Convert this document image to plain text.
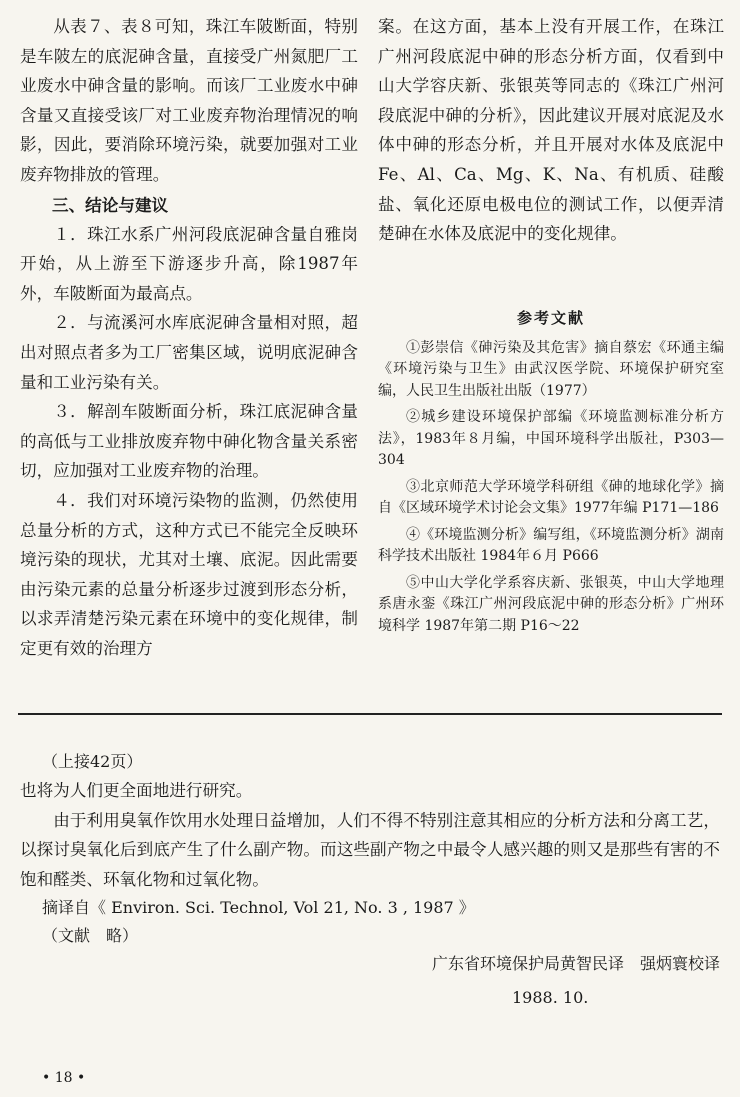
从表７、表８可知，珠江车陂断面，特别是车陂左的底泥砷含量，直接受广州氮肥厂工业废水中砷含量的影响。而该厂工业废水中砷含量又直接受该厂对工业废弃物治理情况的响影，因此，要消除环境污染，就要加强对工业废弃物排放的管理。

三、结论与建议

１．珠江水系广州河段底泥砷含量自雅岗开始，从上游至下游逐步升高，除1987年外，车陂断面为最高点。

２．与流溪河水库底泥砷含量相对照，超出对照点者多为工厂密集区域，说明底泥砷含量和工业污染有关。

３．解剖车陂断面分析，珠江底泥砷含量的高低与工业排放废弃物中砷化物含量关系密切，应加强对工业废弃物的治理。

４．我们对环境污染物的监测，仍然使用总量分析的方式，这种方式已不能完全反映环境污染的现状，尤其对土壤、底泥。因此需要由污染元素的总量分析逐步过渡到形态分析，以求弄清楚污染元素在环境中的变化规律，制定更有效的治理方

案。在这方面，基本上没有开展工作，在珠江广州河段底泥中砷的形态分析方面，仅看到中山大学容庆新、张银英等同志的《珠江广州河段底泥中砷的分析》，因此建议开展对底泥及水体中砷的形态分析，并且开展对水体及底泥中Fe、Al、Ca、Mg、K、Na、有机质、硅酸盐、氧化还原电极电位的测试工作，以便弄清楚砷在水体及底泥中的变化规律。

参考文献

①彭崇信《砷污染及其危害》摘自蔡宏《环通主编《环境污染与卫生》由武汉医学院、环境保护研究室编，人民卫生出版社出版（1977）

②城乡建设环境保护部编《环境监测标准分析方法》，1983年８月编，中国环境科学出版社，P303—304

③北京师范大学环境学科研组《砷的地球化学》摘自《区域环境学术讨论会文集》1977年编 P171—186

④《环境监测分析》编写组，《环境监测分析》湖南科学技术出版社 1984年６月 P666

⑤中山大学化学系容庆新、张银英，中山大学地理系唐永銮《珠江广州河段底泥中砷的形态分析》广州环境科学 1987年第二期 P16～22

（上接42页）

也将为人们更全面地进行研究。

由于利用臭氧作饮用水处理日益增加，人们不得不特别注意其相应的分析方法和分离工艺，以探讨臭氧化后到底产生了什么副产物。而这些副产物之中最令人感兴趣的则又是那些有害的不饱和醛类、环氧化物和过氧化物。

摘译自《 Environ. Sci. Technol, Vol 21, No. 3 , 1987 》

（文献　略）

广东省环境保护局黄智民译　强炳寰校译

1988. 10.

• 18 •
